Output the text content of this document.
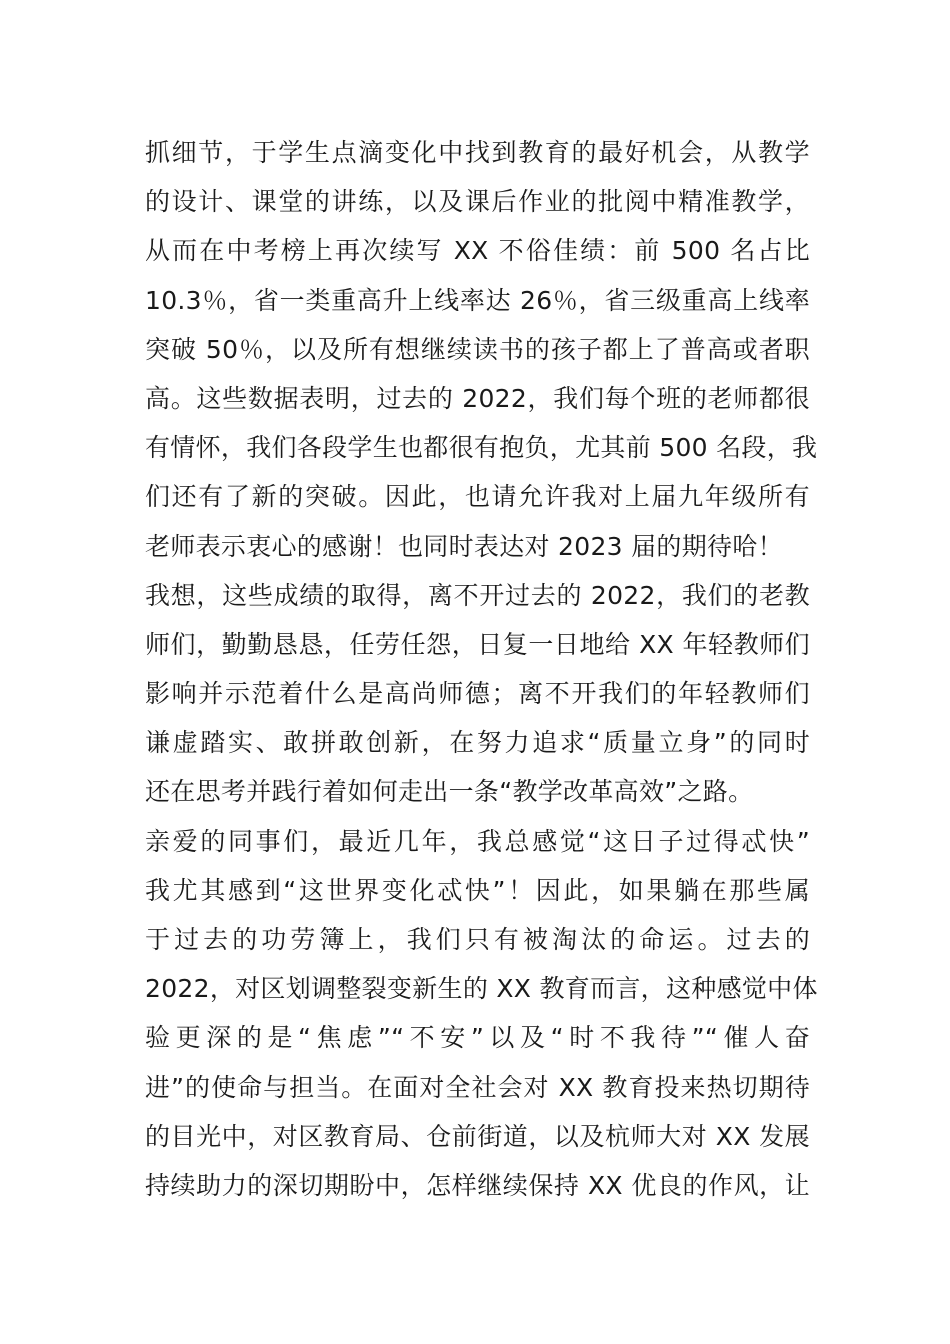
抓细节，于学生点滴变化中找到教育的最好机会，从教学
的设计、课堂的讲练，以及课后作业的批阅中精准教学，
从而在中考榜上再次续写 XX 不俗佳绩：前 500 名占比
10.3％，省一类重高升上线率达 26％，省三级重高上线率
突破 50％，以及所有想继续读书的孩子都上了普高或者职
高。这些数据表明，过去的 2022，我们每个班的老师都很
有情怀，我们各段学生也都很有抱负，尤其前 500 名段，我
们还有了新的突破。因此，也请允许我对上届九年级所有
老师表示衷心的感谢！也同时表达对 2023 届的期待哈！
我想，这些成绩的取得，离不开过去的 2022，我们的老教
师们，勤勤恳恳，任劳任怨，日复一日地给 XX 年轻教师们
影响并示范着什么是高尚师德；离不开我们的年轻教师们
谦虚踏实、敢拼敢创新，在努力追求“质量立身”的同时
还在思考并践行着如何走出一条“教学改革高效”之路。
亲爱的同事们，最近几年，我总感觉“这日子过得忒快”
我尤其感到“这世界变化忒快”！因此，如果躺在那些属
于过去的功劳簿上，我们只有被淘汰的命运。过去的
2022，对区划调整裂变新生的 XX 教育而言，这种感觉中体
验更深的是“焦虑”“不安”以及“时不我待”“催人奋
进”的使命与担当。在面对全社会对 XX 教育投来热切期待
的目光中，对区教育局、仓前街道，以及杭师大对 XX 发展
持续助力的深切期盼中，怎样继续保持 XX 优良的作风，让
